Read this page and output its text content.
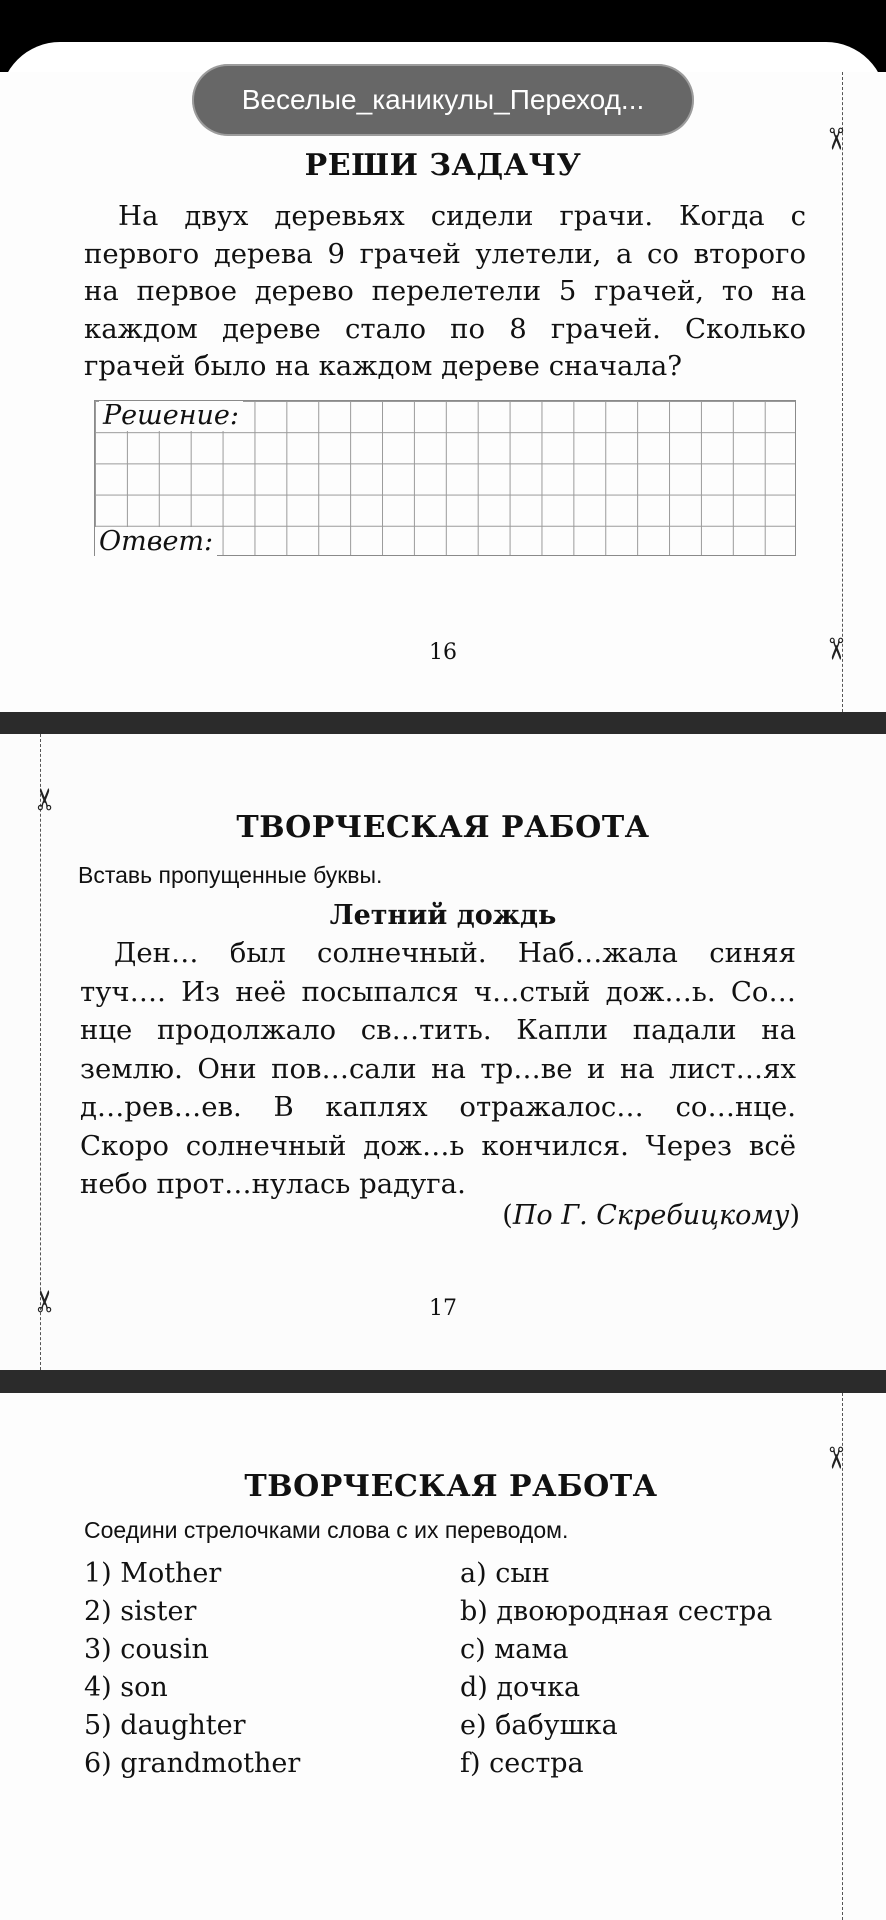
Веселые_каникулы_Переход...
✂
✂
РЕШИ ЗАДАЧУ
На двух деревьях сидели грачи. Когда с первого дерева 9 грачей улетели, а со второго на первое дерево перелетели 5 грачей, то на каждом дереве стало по 8 грачей. Сколько грачей было на каждом дереве сначала?
Решение:
Ответ:
16
✂
✂
ТВОРЧЕСКАЯ РАБОТА
Вставь пропущенные буквы.
Летний дождь
Ден… был солнечный. Наб…жала синяя туч…. Из неё посыпался ч…стый дож…ь. Со…нце продолжало св…тить. Капли падали на землю. Они пов…сали на тр…ве и на лист…ях д…рев…ев. В каплях отражалос… со…нце. Скоро солнечный дож…ь кончился. Через всё небо прот…нулась радуга.
(По Г. Скребицкому)
17
✂
ТВОРЧЕСКАЯ РАБОТА
Соедини стрелочками слова с их переводом.
1) Mother
2) sister
3) cousin
4) son
5) daughter
6) grandmother
a) сын
b) двоюродная сестра
c) мама
d) дочка
e) бабушка
f) сестра
